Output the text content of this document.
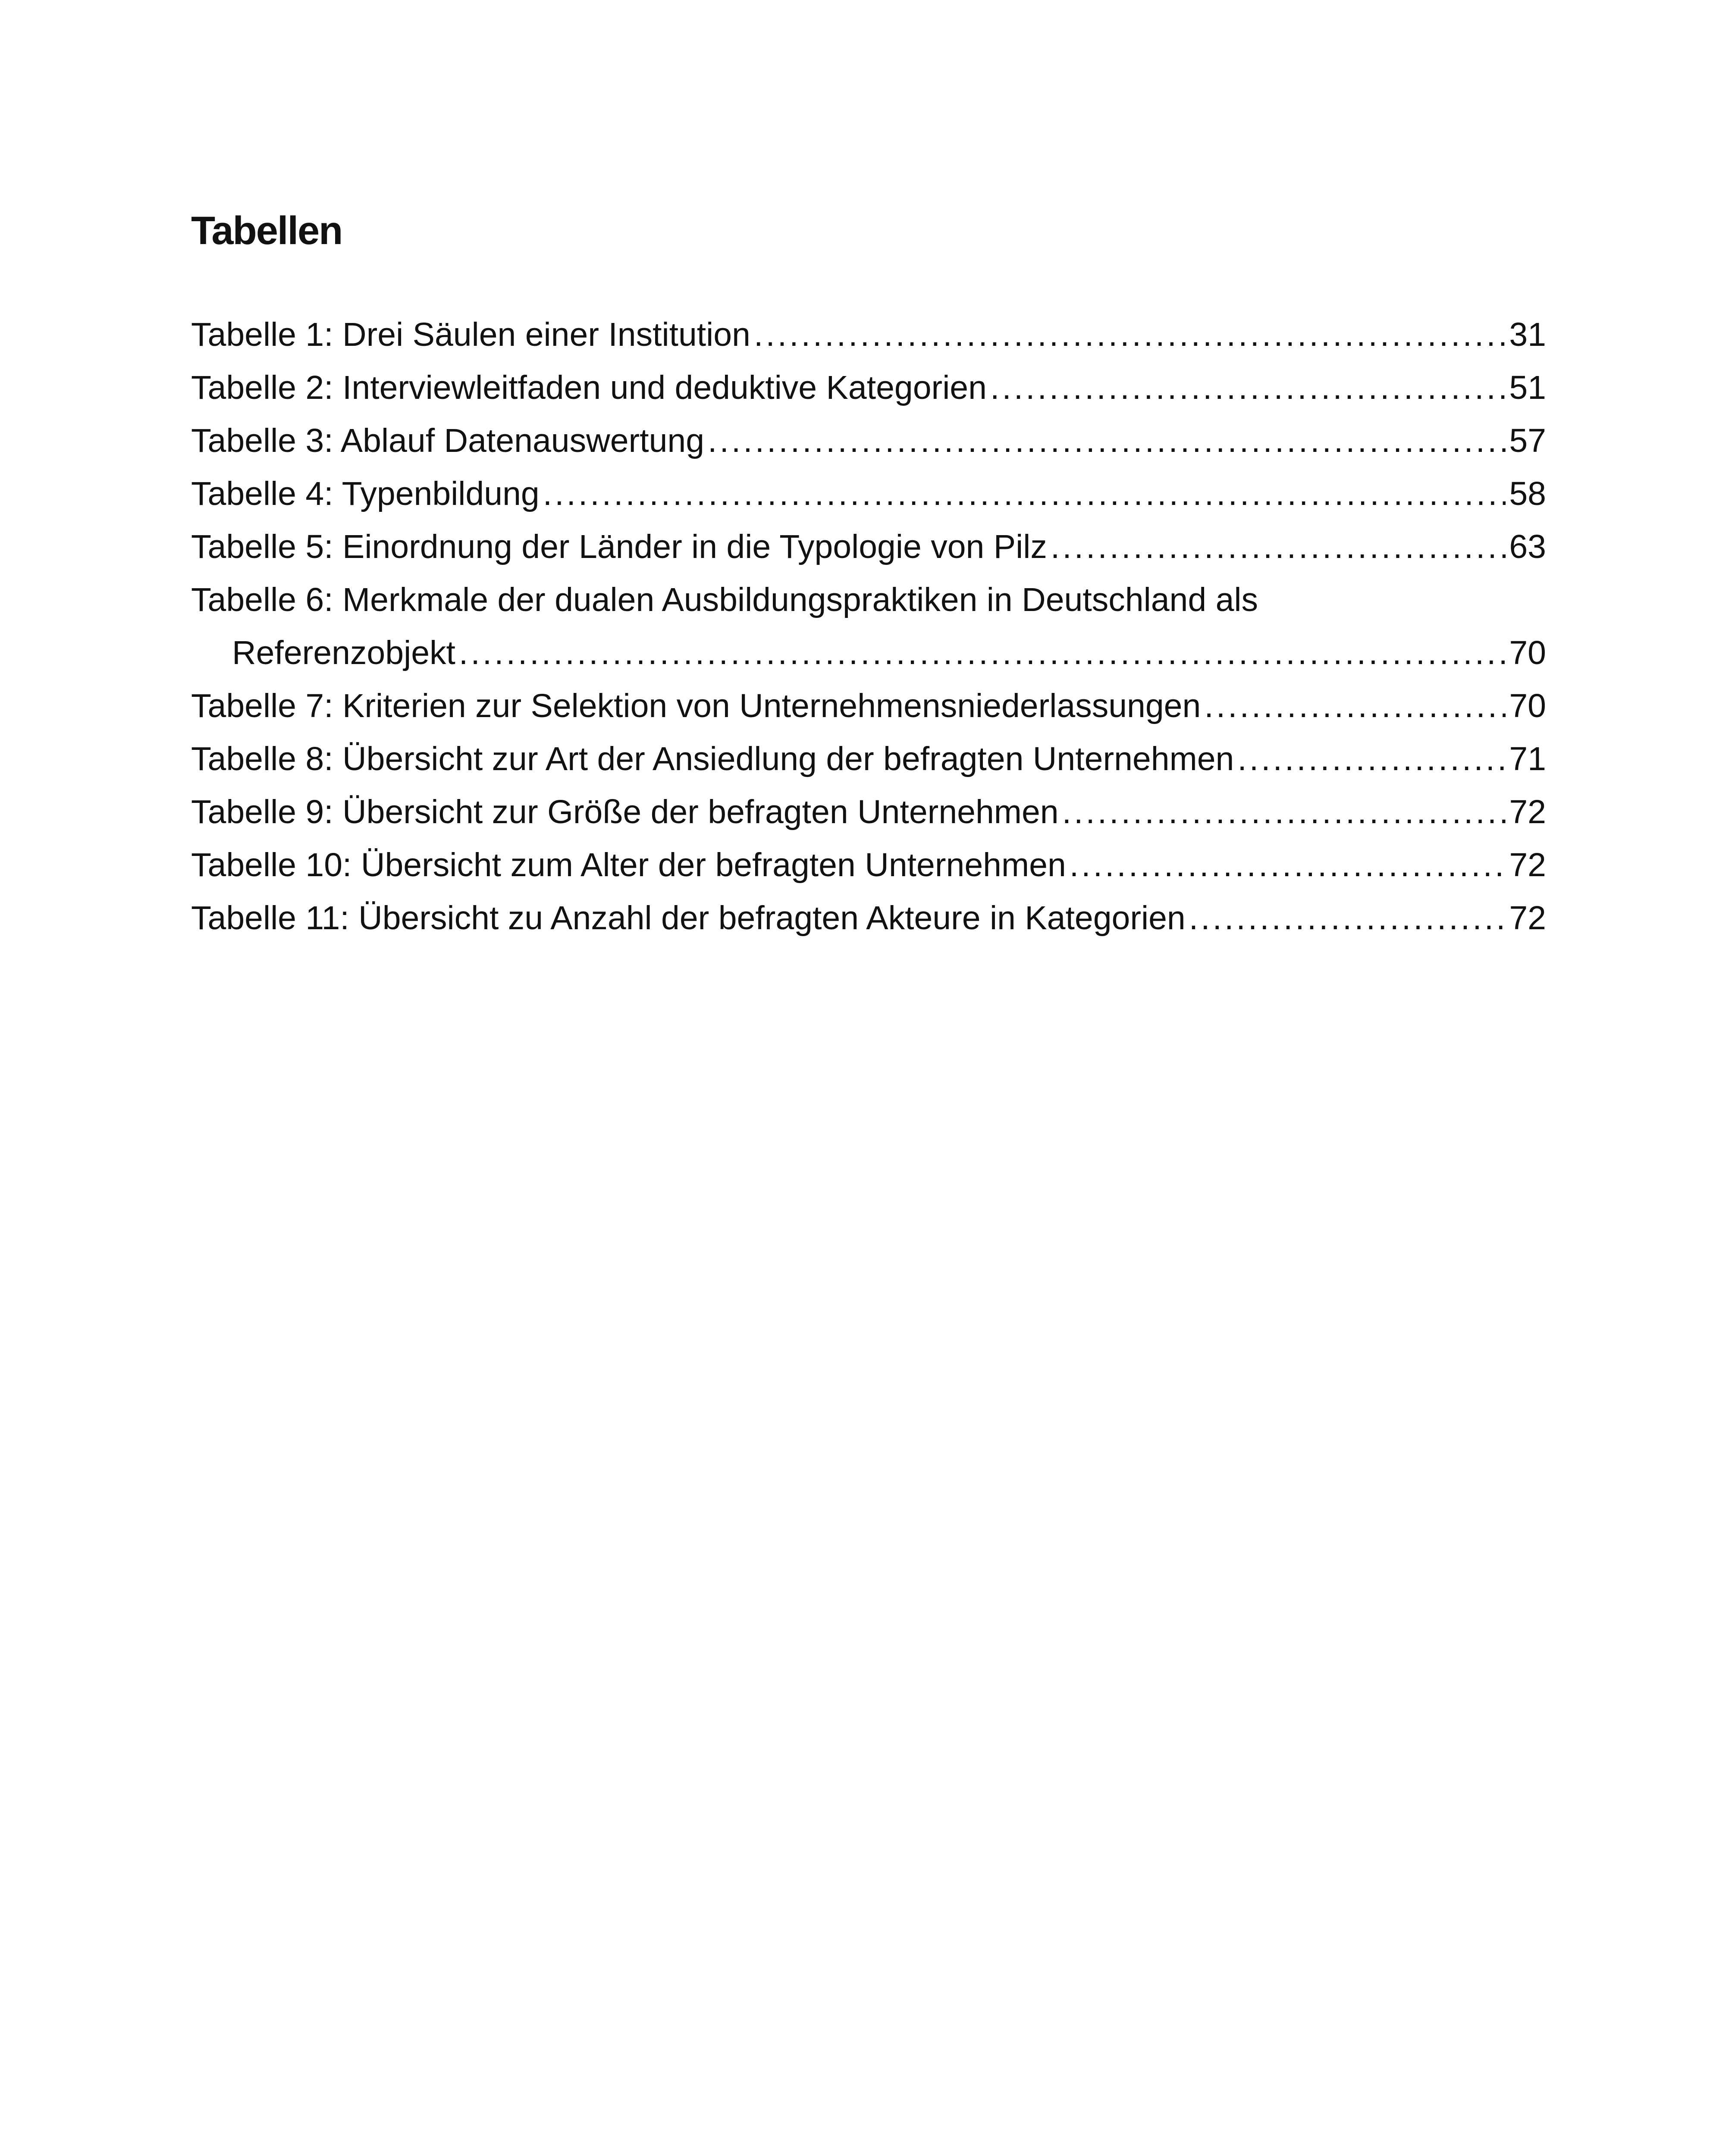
Tabellen
Tabelle 1: Drei Säulen einer Institution .....	31
Tabelle 2: Interviewleitfaden und deduktive Kategorien .....	51
Tabelle 3: Ablauf Datenauswertung .....	57
Tabelle 4: Typenbildung .....	58
Tabelle 5: Einordnung der Länder in die Typologie von Pilz .....	63
Tabelle 6: Merkmale der dualen Ausbildungspraktiken in Deutschland als
Referenzobjekt .....	70
Tabelle 7: Kriterien zur Selektion von Unternehmensniederlassungen .....	70
Tabelle 8: Übersicht zur Art der Ansiedlung der befragten Unternehmen .....	71
Tabelle 9: Übersicht zur Größe der befragten Unternehmen .....	72
Tabelle 10: Übersicht zum Alter der befragten Unternehmen .....	72
Tabelle 11: Übersicht zu Anzahl der befragten Akteure in Kategorien .....	72
